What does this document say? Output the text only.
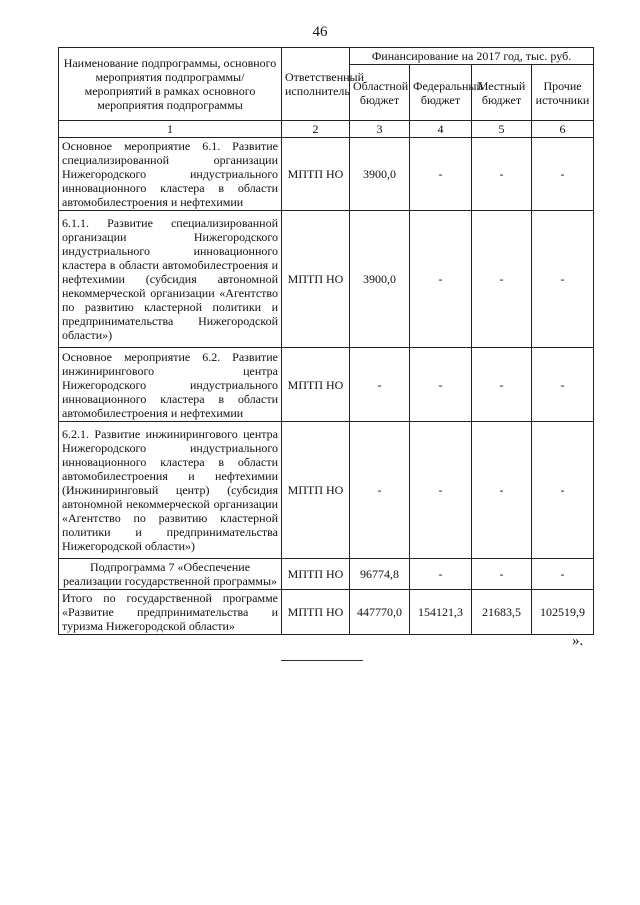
46
Наименование подпрограммы, основного мероприятия подпрограммы/мероприятий в рамках основного мероприятия подпрограммы	Ответственный исполнитель	Финансирование на 2017 год, тыс. руб.			
		Областной бюджет	Федеральный бюджет	Местный бюджет	Прочие источники
1	2	3	4	5	6
Основное мероприятие 6.1. Развитие специализированной организации Нижегородского индустриального инновационного кластера в области автомобилестроения и нефтехимии	МПТП НО	3900,0	-	-	-
6.1.1. Развитие специализированной организации Нижегородского индустриального инновационного кластера в области автомобилестроения и нефтехимии (субсидия автономной некоммерческой организации «Агентство по развитию кластерной политики и предпринимательства Нижегородской области»)	МПТП НО	3900,0	-	-	-
Основное мероприятие 6.2. Развитие инжинирингового центра Нижегородского индустриального инновационного кластера в области автомобилестроения и нефтехимии	МПТП НО	-	-	-	-
6.2.1. Развитие инжинирингового центра Нижегородского индустриального инновационного кластера в области автомобилестроения и нефтехимии (Инжиниринговый центр) (субсидия автономной некоммерческой организации «Агентство по развитию кластерной политики и предпринимательства Нижегородской области»)	МПТП НО	-	-	-	-
Подпрограмма 7 «Обеспечение реализации государственной программы»	МПТП НО	96774,8	-	-	-
Итого по государственной программе «Развитие предпринимательства и туризма Нижегородской области»	МПТП НО	447770,0	154121,3	21683,5	102519,9
».
